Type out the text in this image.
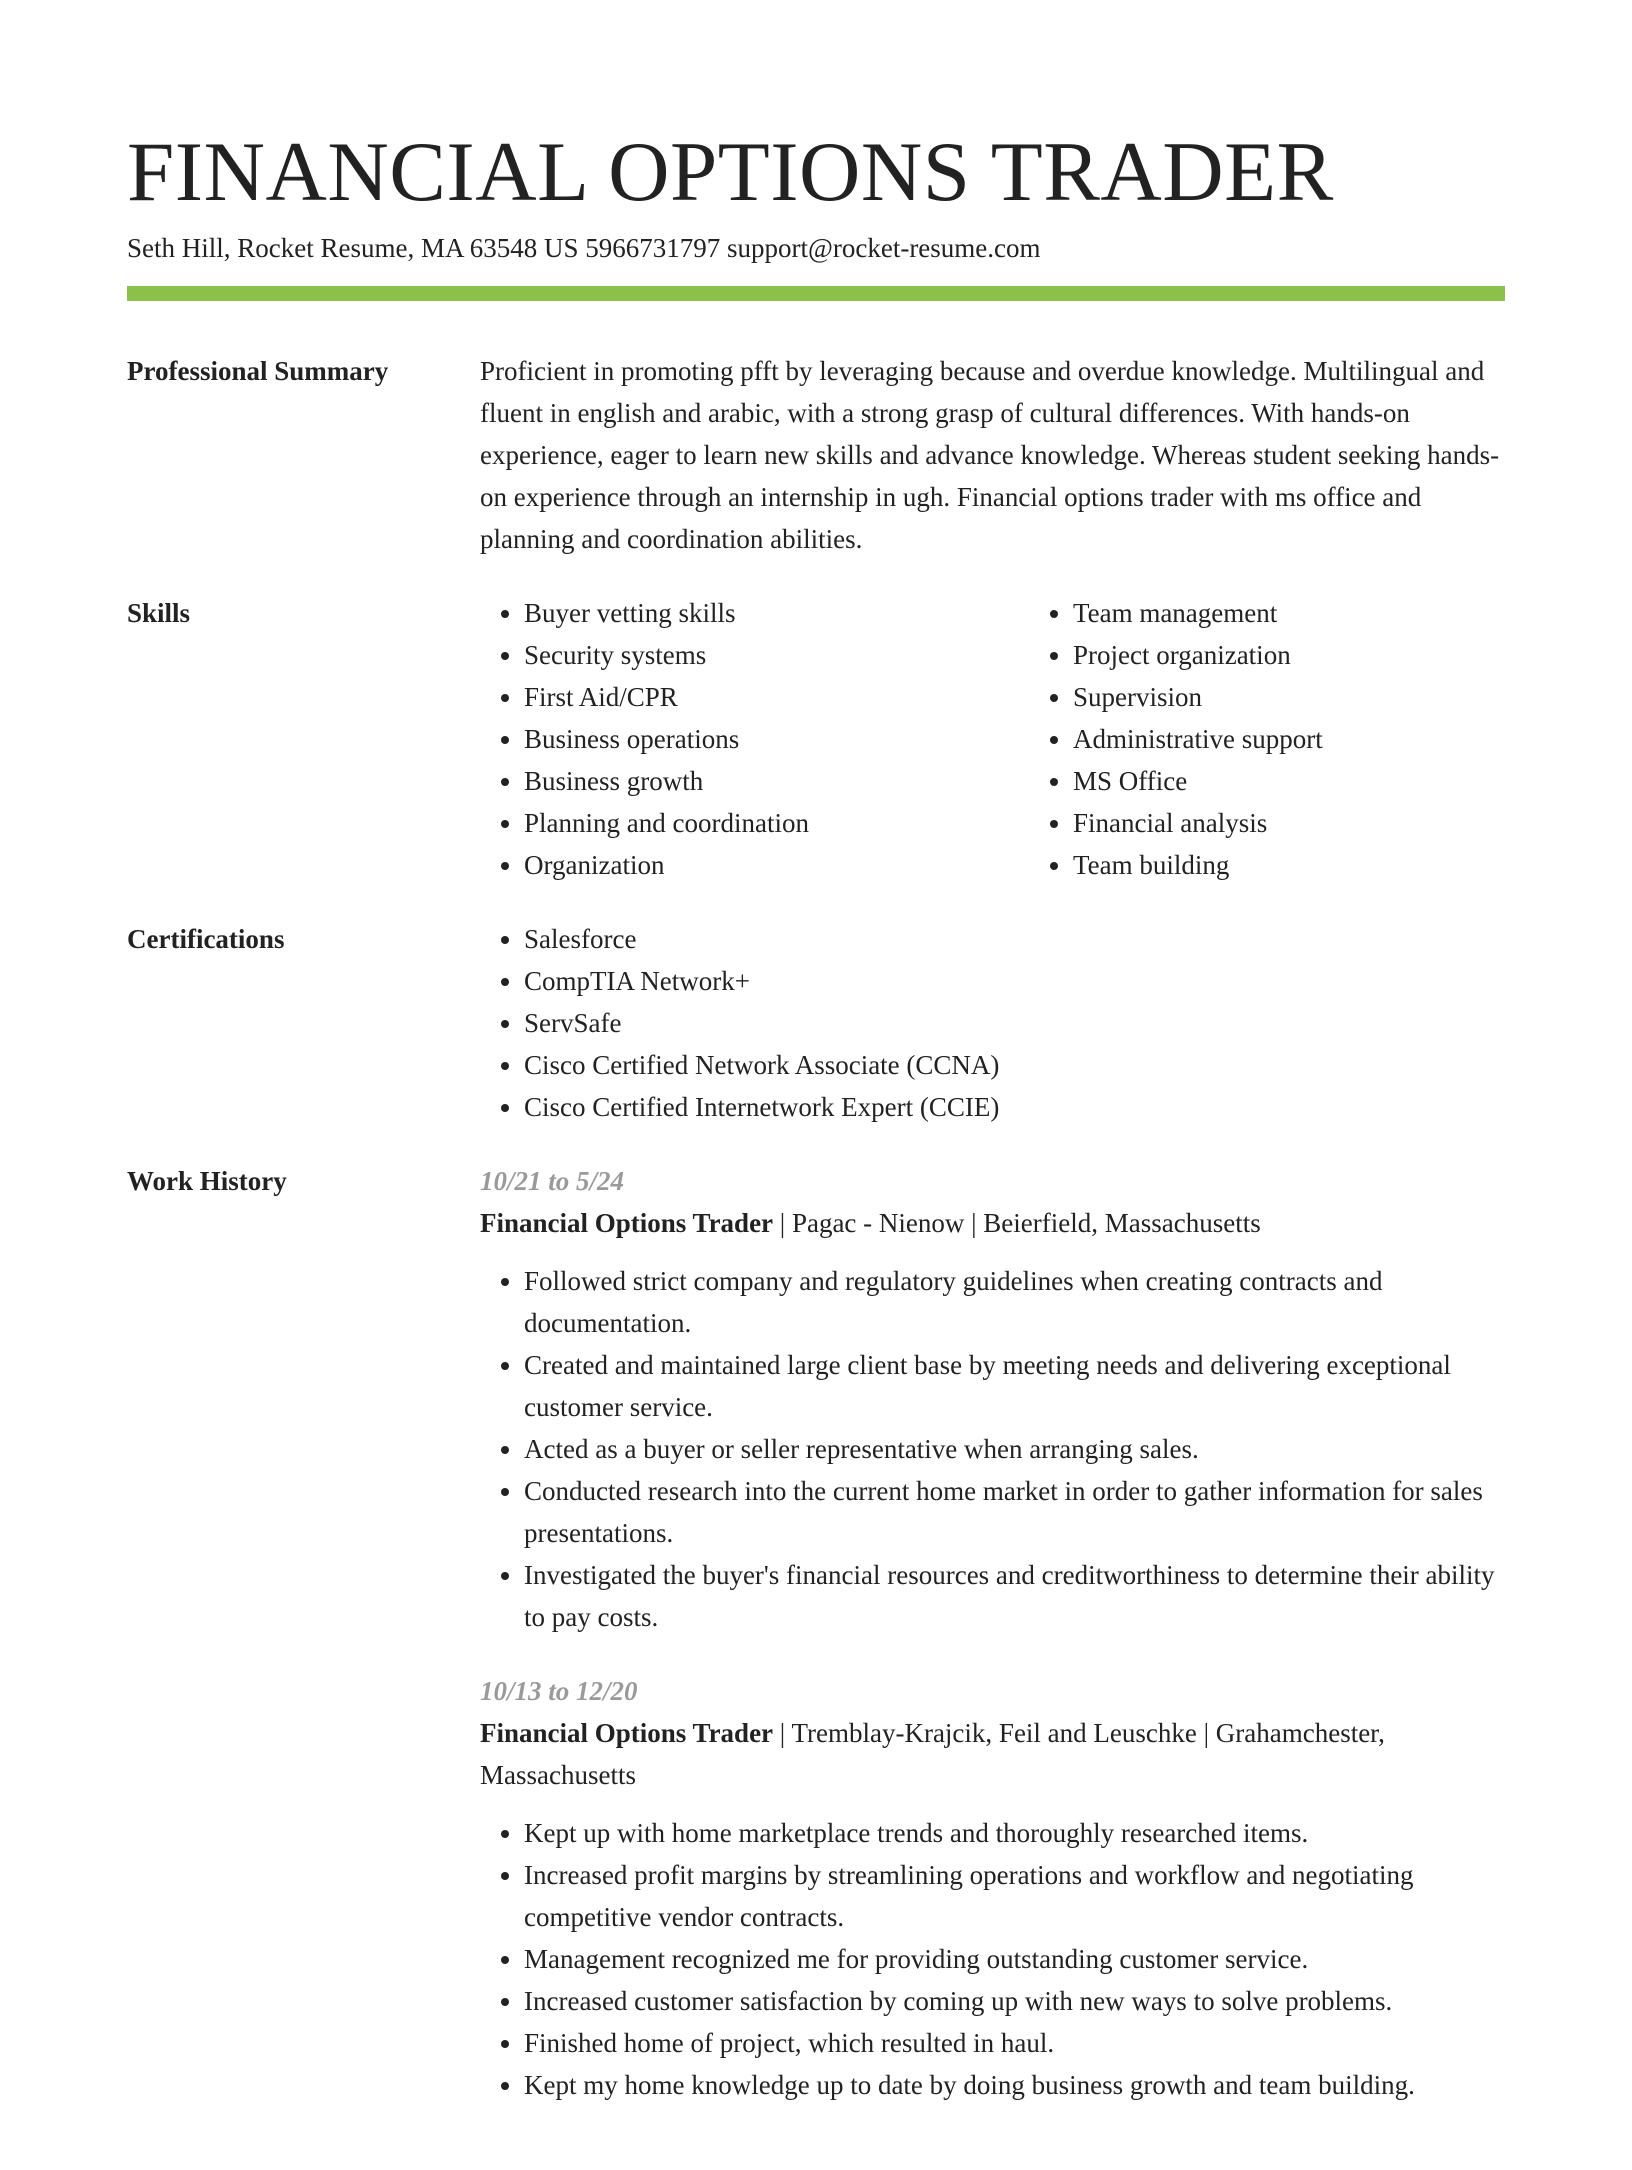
FINANCIAL OPTIONS TRADER
Seth Hill, Rocket Resume, MA 63548 US 5966731797 support@rocket-resume.com
Professional Summary	Proficient in promoting pfft by leveraging because and overdue knowledge. Multilingual and fluent in english and arabic, with a strong grasp of cultural differences. With hands-on experience, eager to learn new skills and advance knowledge. Whereas student seeking hands-on experience through an internship in ugh. Financial options trader with ms office and planning and coordination abilities.

Skills	• Buyer vetting skills
• Security systems
• First Aid/CPR
• Business operations
• Business growth
• Planning and coordination
• Organization
• Team management
• Project organization
• Supervision
• Administrative support
• MS Office
• Financial analysis
• Team building
Certifications	• Salesforce
• CompTIA Network+
• ServSafe
• Cisco Certified Network Associate (CCNA)
• Cisco Certified Internetwork Expert (CCIE)
Work History	10/21 to 5/24
Financial Options Trader | Pagac - Nienow | Beierfield, Massachusetts
• Followed strict company and regulatory guidelines when creating contracts and documentation.
• Created and maintained large client base by meeting needs and delivering exceptional customer service.
• Acted as a buyer or seller representative when arranging sales.
• Conducted research into the current home market in order to gather information for sales presentations.
• Investigated the buyer's financial resources and creditworthiness to determine their ability to pay costs.
10/13 to 12/20
Financial Options Trader | Tremblay-Krajcik, Feil and Leuschke | Grahamchester, Massachusetts
• Kept up with home marketplace trends and thoroughly researched items.
• Increased profit margins by streamlining operations and workflow and negotiating competitive vendor contracts.
• Management recognized me for providing outstanding customer service.
• Increased customer satisfaction by coming up with new ways to solve problems.
• Finished home of project, which resulted in haul.
• Kept my home knowledge up to date by doing business growth and team building.
